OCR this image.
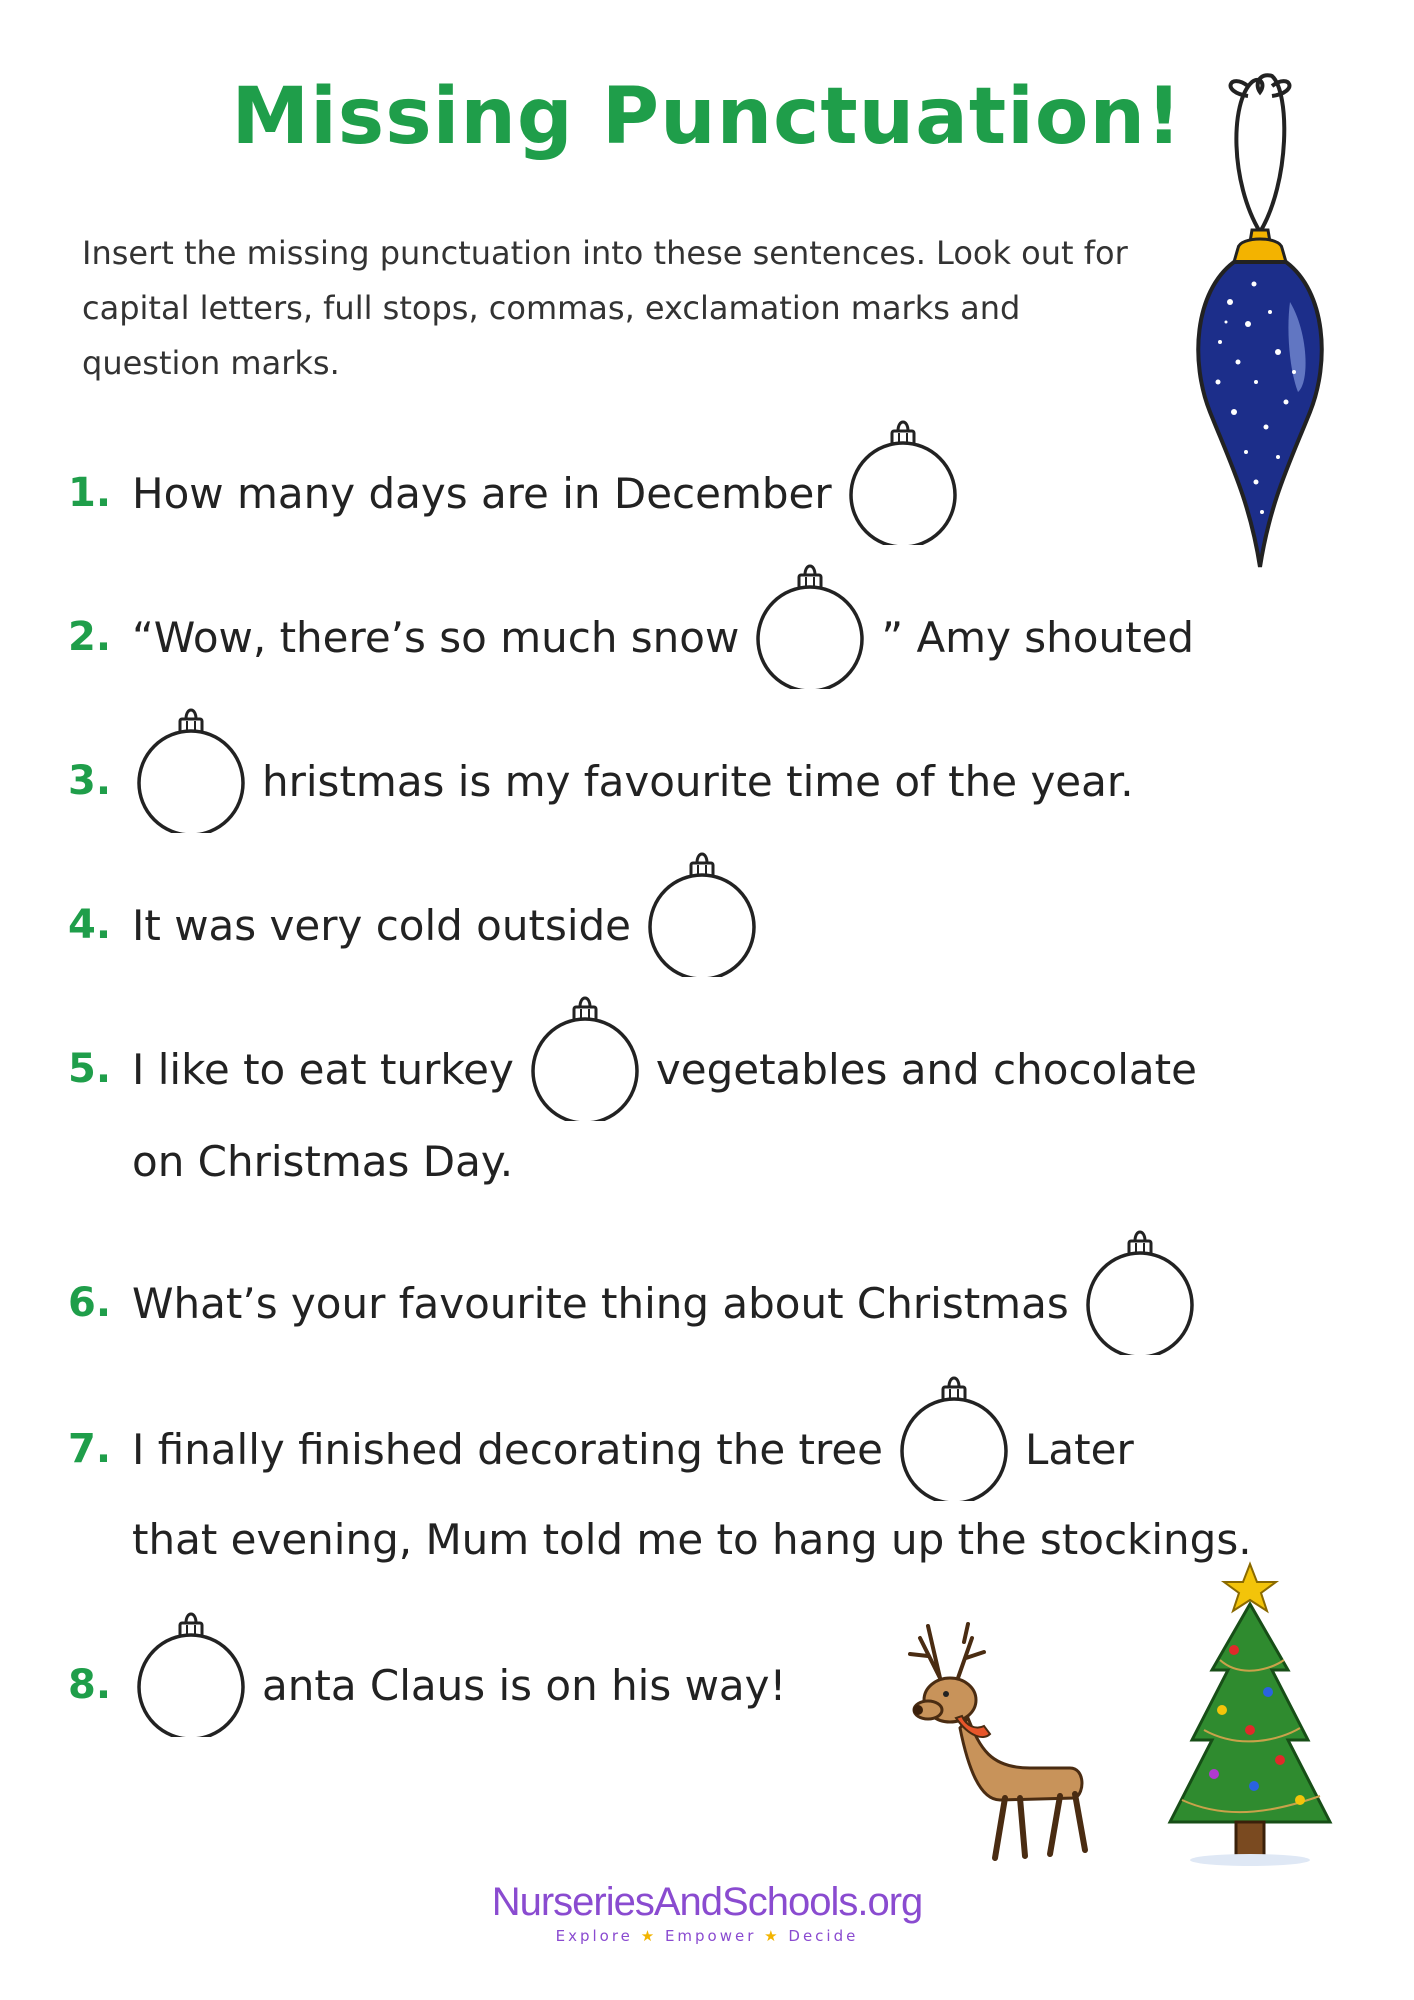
Missing Punctuation!
Insert the missing punctuation into these sentences. Look out for capital letters, full stops, commas, exclamation marks and question marks.
1. How many days are in December
2. “Wow, there’s so much snow	” Amy shouted
3.	hristmas is my favourite time of the year.
4. It was very cold outside
5. I like to eat turkey	vegetables and chocolate
on Christmas Day.
6. What’s your favourite thing about Christmas
7. I finally finished decorating the tree	Later
that evening, Mum told me to hang up the stockings.
8.	anta Claus is on his way!
NurseriesAndSchools.org
Explore ★ Empower ★ Decide
